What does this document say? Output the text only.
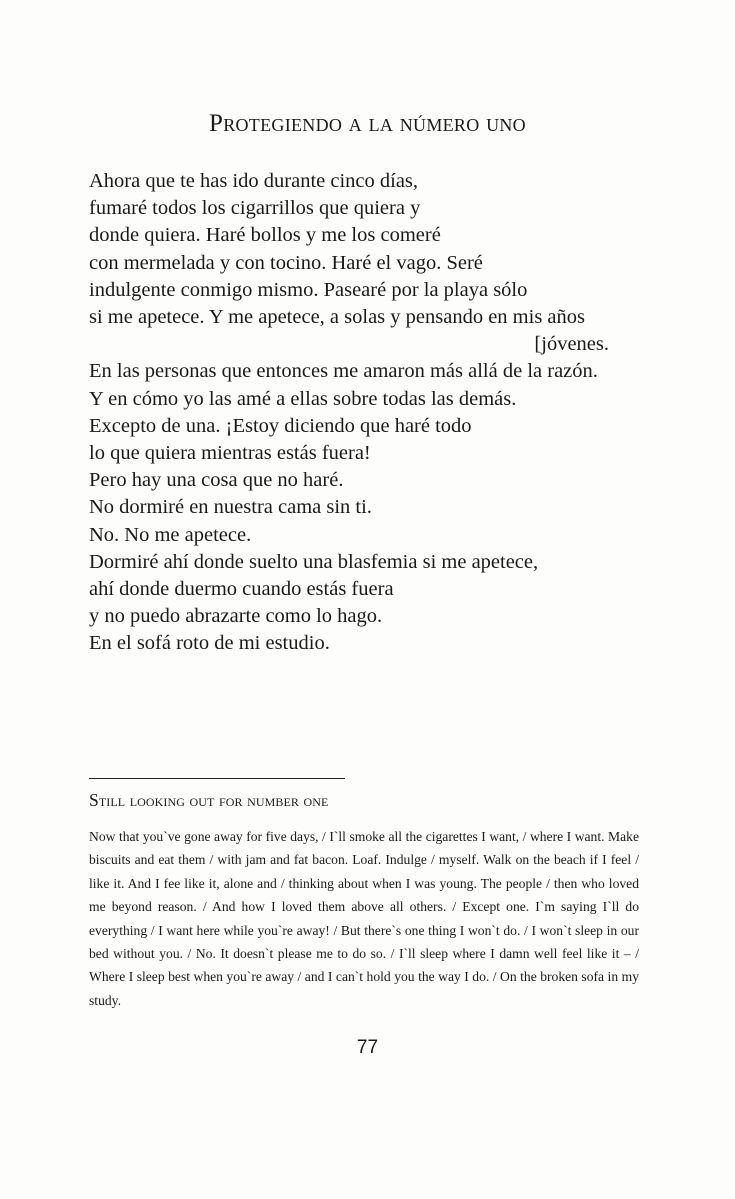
Protegiendo a la número uno
Ahora que te has ido durante cinco días,
fumaré todos los cigarrillos que quiera y
donde quiera. Haré bollos y me los comeré
con mermelada y con tocino. Haré el vago. Seré
indulgente conmigo mismo. Pasearé por la playa sólo
si me apetece. Y me apetece, a solas y pensando en mis años
[jóvenes.
En las personas que entonces me amaron más allá de la razón.
Y en cómo yo las amé a ellas sobre todas las demás.
Excepto de una. ¡Estoy diciendo que haré todo
lo que quiera mientras estás fuera!
Pero hay una cosa que no haré.
No dormiré en nuestra cama sin ti.
No. No me apetece.
Dormiré ahí donde suelto una blasfemia si me apetece,
ahí donde duermo cuando estás fuera
y no puedo abrazarte como lo hago.
En el sofá roto de mi estudio.
Still looking out for number one

Now that you`ve gone away for five days, / I`ll smoke all the cigarettes I want, / where I want. Make biscuits and eat them / with jam and fat bacon. Loaf. Indulge / myself. Walk on the beach if I feel / like it. And I fee like it, alone and / thinking about when I was young. The people / then who loved me beyond reason. / And how I loved them above all others. / Except one. I`m saying I`ll do everything / I want here while you`re away! / But there`s one thing I won`t do. / I won`t sleep in our bed without you. / No. It doesn`t please me to do so. / I`ll sleep where I damn well feel like it – / Where I sleep best when you`re away / and I can`t hold you the way I do. / On the broken sofa in my study.

77
